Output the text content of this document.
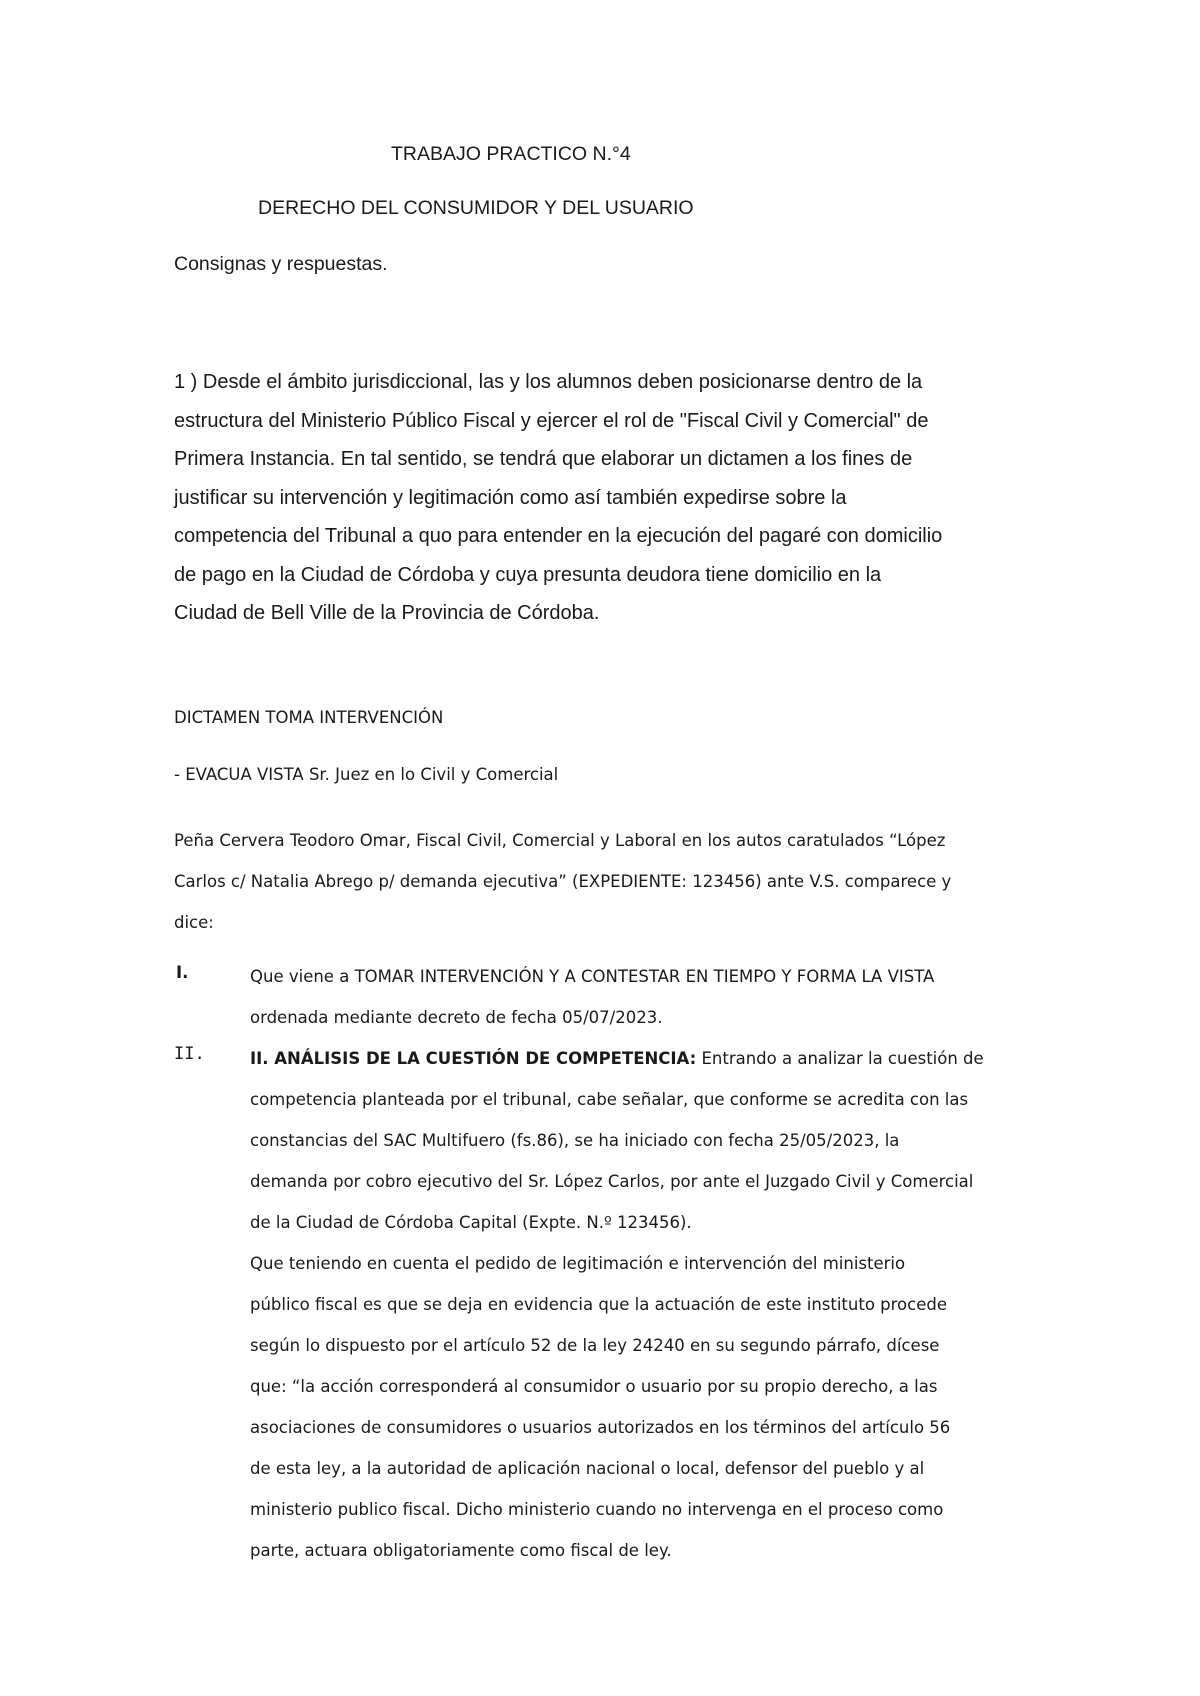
TRABAJO PRACTICO N.°4
DERECHO DEL CONSUMIDOR Y DEL USUARIO
Consignas y respuestas.
1 ) Desde el ámbito jurisdiccional, las y los alumnos deben posicionarse dentro de la
estructura del Ministerio Público Fiscal y ejercer el rol de "Fiscal Civil y Comercial" de
Primera Instancia. En tal sentido, se tendrá que elaborar un dictamen a los fines de
justificar su intervención y legitimación como así también expedirse sobre la
competencia del Tribunal a quo para entender en la ejecución del pagaré con domicilio
de pago en la Ciudad de Córdoba y cuya presunta deudora tiene domicilio en la
Ciudad de Bell Ville de la Provincia de Córdoba.
DICTAMEN TOMA INTERVENCIÓN
- EVACUA VISTA Sr. Juez en lo Civil y Comercial
Peña Cervera Teodoro Omar, Fiscal Civil, Comercial y Laboral en los autos caratulados “López
Carlos c/ Natalia Abrego p/ demanda ejecutiva” (EXPEDIENTE: 123456) ante V.S. comparece y
dice:
I.	Que viene a TOMAR INTERVENCIÓN Y A CONTESTAR EN TIEMPO Y FORMA LA VISTA
ordenada mediante decreto de fecha 05/07/2023.
II.	II. ANÁLISIS DE LA CUESTIÓN DE COMPETENCIA: Entrando a analizar la cuestión de
competencia planteada por el tribunal, cabe señalar, que conforme se acredita con las
constancias del SAC Multifuero (fs.86), se ha iniciado con fecha 25/05/2023, la
demanda por cobro ejecutivo del Sr. López Carlos, por ante el Juzgado Civil y Comercial
de la Ciudad de Córdoba Capital (Expte. N.º 123456).
Que teniendo en cuenta el pedido de legitimación e intervención del ministerio
público fiscal es que se deja en evidencia que la actuación de este instituto procede
según lo dispuesto por el artículo 52 de la ley 24240 en su segundo párrafo, dícese
que: “la acción corresponderá al consumidor o usuario por su propio derecho, a las
asociaciones de consumidores o usuarios autorizados en los términos del artículo 56
de esta ley, a la autoridad de aplicación nacional o local, defensor del pueblo y al
ministerio publico fiscal. Dicho ministerio cuando no intervenga en el proceso como
parte, actuara obligatoriamente como fiscal de ley.
